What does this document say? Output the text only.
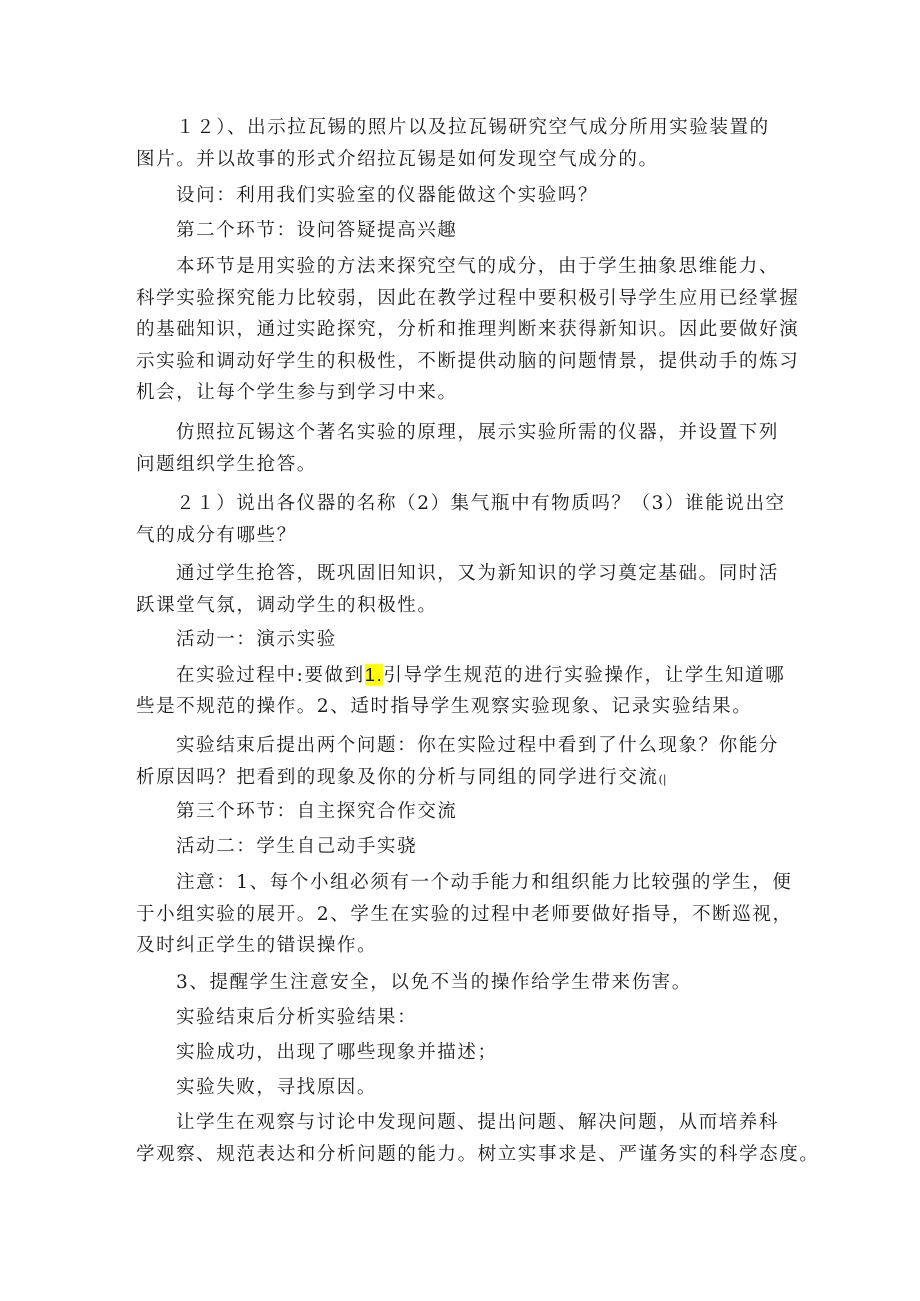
１２）、出示拉瓦锡的照片以及拉瓦锡研究空气成分所用实验装置的
图片。并以故事的形式介绍拉瓦锡是如何发现空气成分的。
设问：利用我们实验室的仪器能做这个实验吗？
第二个环节：设问答疑提高兴趣
本环节是用实验的方法来探究空气的成分，由于学生抽象思维能力、
科学实验探究能力比较弱，因此在教学过程中要积极引导学生应用已经掌握
的基础知识，通过实跄探究，分析和推理判断来获得新知识。因此要做好演
示实验和调动好学生的积极性，不断提供动脑的问题情景，提供动手的炼习
机会，让每个学生参与到学习中来。
仿照拉瓦锡这个著名实验的原理，展示实验所需的仪器，并设置下列
问题组织学生抢答。
２１）说出各仪器的名称（2）集气瓶中有物质吗？（3）谁能说出空
气的成分有哪些？
通过学生抢答，既巩固旧知识，又为新知识的学习奠定基础。同时活
跃课堂气氛，调动学生的积极性。
活动一：演示实验
在实验过程中:要做到1.引导学生规范的进行实验操作，让学生知道哪
些是不规范的操作。2、适时指导学生观察实验现象、记录实验结果。
实验结束后提出两个问题：你在实险过程中看到了什么现象？你能分
析原因吗？把看到的现象及你的分析与同组的同学进行交流(|
第三个环节：自主探究合作交流
活动二：学生自己动手实骁
注意：1、每个小组必须有一个动手能力和组织能力比较强的学生，便
于小组实验的展开。2、学生在实验的过程中老师要做好指导，不断巡视，
及时纠正学生的错误操作。
3、提醒学生注意安全，以免不当的操作给学生带来伤害。
实验结束后分析实验结果：
实脸成功，出现了哪些现象并描述；
实验失败，寻找原因。
让学生在观察与讨论中发现问题、提出问题、解决问题，从而培养科
学观察、规范表达和分析问题的能力。树立实事求是、严谨务实的科学态度。
